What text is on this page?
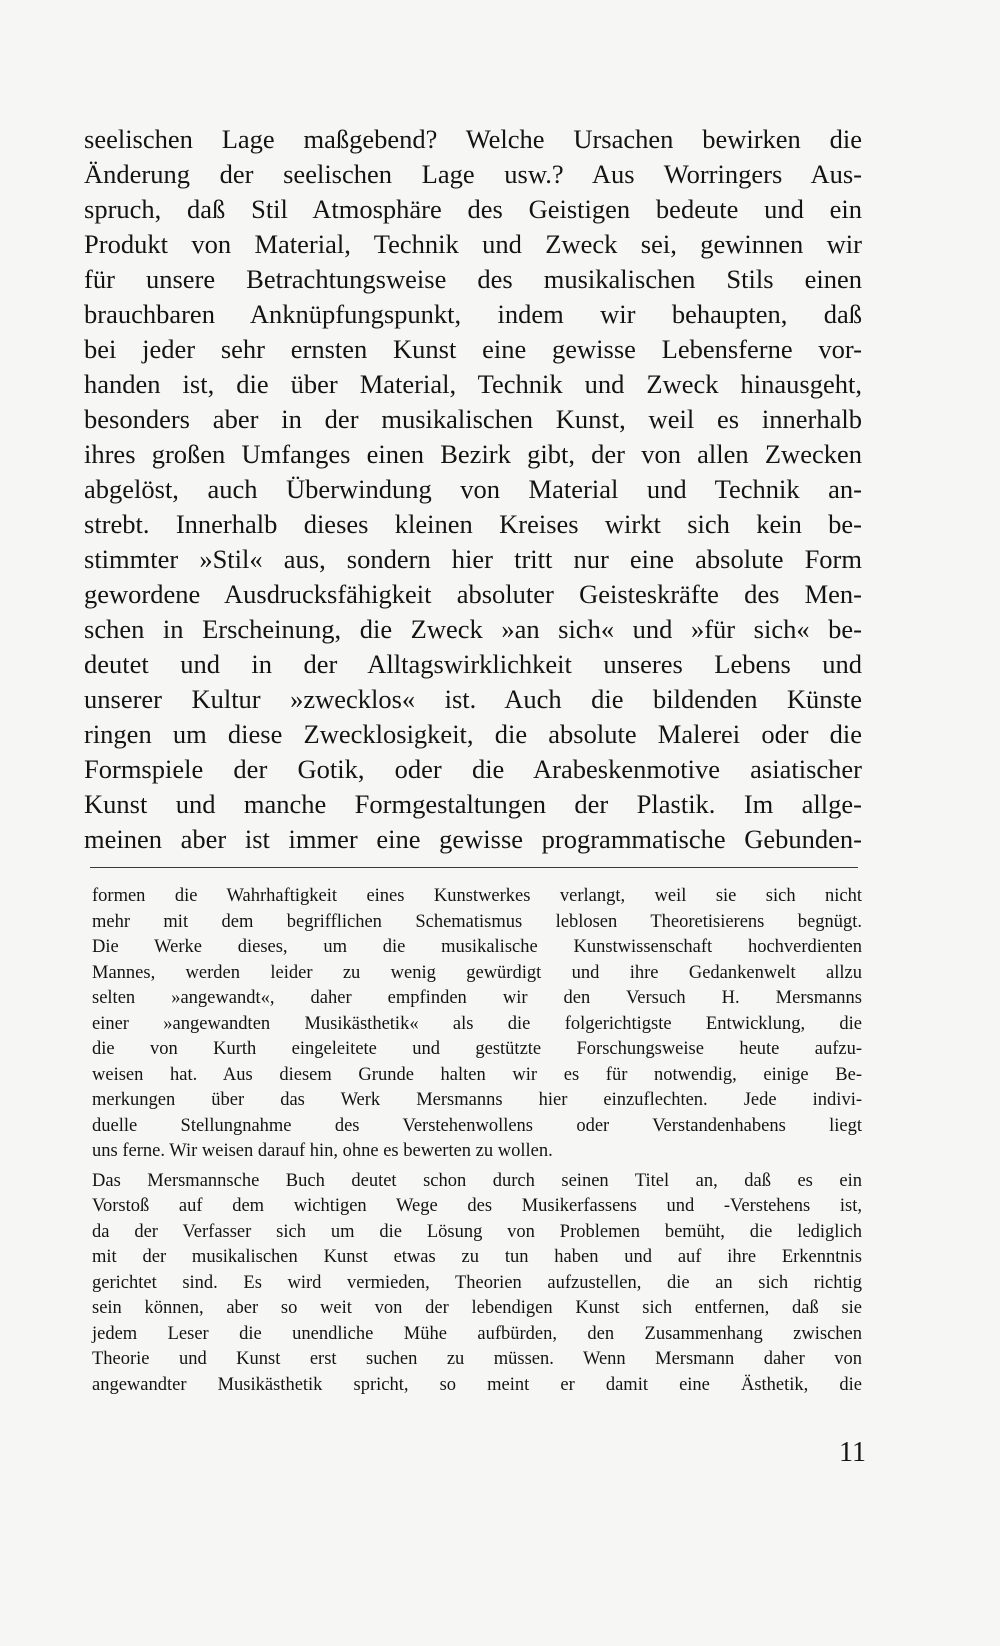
seelischen Lage maßgebend? Welche Ursachen bewirken die
Änderung der seelischen Lage usw.? Aus Worringers Aus-
spruch, daß Stil Atmosphäre des Geistigen bedeute und ein
Produkt von Material, Technik und Zweck sei, gewinnen wir
für unsere Betrachtungsweise des musikalischen Stils einen
brauchbaren Anknüpfungspunkt, indem wir behaupten, daß
bei jeder sehr ernsten Kunst eine gewisse Lebensferne vor-
handen ist, die über Material, Technik und Zweck hinausgeht,
besonders aber in der musikalischen Kunst, weil es innerhalb
ihres großen Umfanges einen Bezirk gibt, der von allen Zwecken
abgelöst, auch Überwindung von Material und Technik an-
strebt. Innerhalb dieses kleinen Kreises wirkt sich kein be-
stimmter »Stil« aus, sondern hier tritt nur eine absolute Form
gewordene Ausdrucksfähigkeit absoluter Geisteskräfte des Men-
schen in Erscheinung, die Zweck »an sich« und »für sich« be-
deutet und in der Alltagswirklichkeit unseres Lebens und
unserer Kultur »zwecklos« ist. Auch die bildenden Künste
ringen um diese Zwecklosigkeit, die absolute Malerei oder die
Formspiele der Gotik, oder die Arabeskenmotive asiatischer
Kunst und manche Formgestaltungen der Plastik. Im allge-
meinen aber ist immer eine gewisse programmatische Gebunden-
formen die Wahrhaftigkeit eines Kunstwerkes verlangt, weil sie sich nicht
mehr mit dem begrifflichen Schematismus leblosen Theoretisierens begnügt.
Die Werke dieses, um die musikalische Kunstwissenschaft hochverdienten
Mannes, werden leider zu wenig gewürdigt und ihre Gedankenwelt allzu
selten »angewandt«, daher empfinden wir den Versuch H. Mersmanns
einer »angewandten Musikästhetik« als die folgerichtigste Entwicklung, die
die von Kurth eingeleitete und gestützte Forschungsweise heute aufzu-
weisen hat. Aus diesem Grunde halten wir es für notwendig, einige Be-
merkungen über das Werk Mersmanns hier einzuflechten. Jede indivi-
duelle Stellungnahme des Verstehenwollens oder Verstandenhabens liegt
uns ferne. Wir weisen darauf hin, ohne es bewerten zu wollen.
Das Mersmannsche Buch deutet schon durch seinen Titel an, daß es ein
Vorstoß auf dem wichtigen Wege des Musikerfassens und -Verstehens ist,
da der Verfasser sich um die Lösung von Problemen bemüht, die lediglich
mit der musikalischen Kunst etwas zu tun haben und auf ihre Erkenntnis
gerichtet sind. Es wird vermieden, Theorien aufzustellen, die an sich richtig
sein können, aber so weit von der lebendigen Kunst sich entfernen, daß sie
jedem Leser die unendliche Mühe aufbürden, den Zusammenhang zwischen
Theorie und Kunst erst suchen zu müssen. Wenn Mersmann daher von
angewandter Musikästhetik spricht, so meint er damit eine Ästhetik, die
11
